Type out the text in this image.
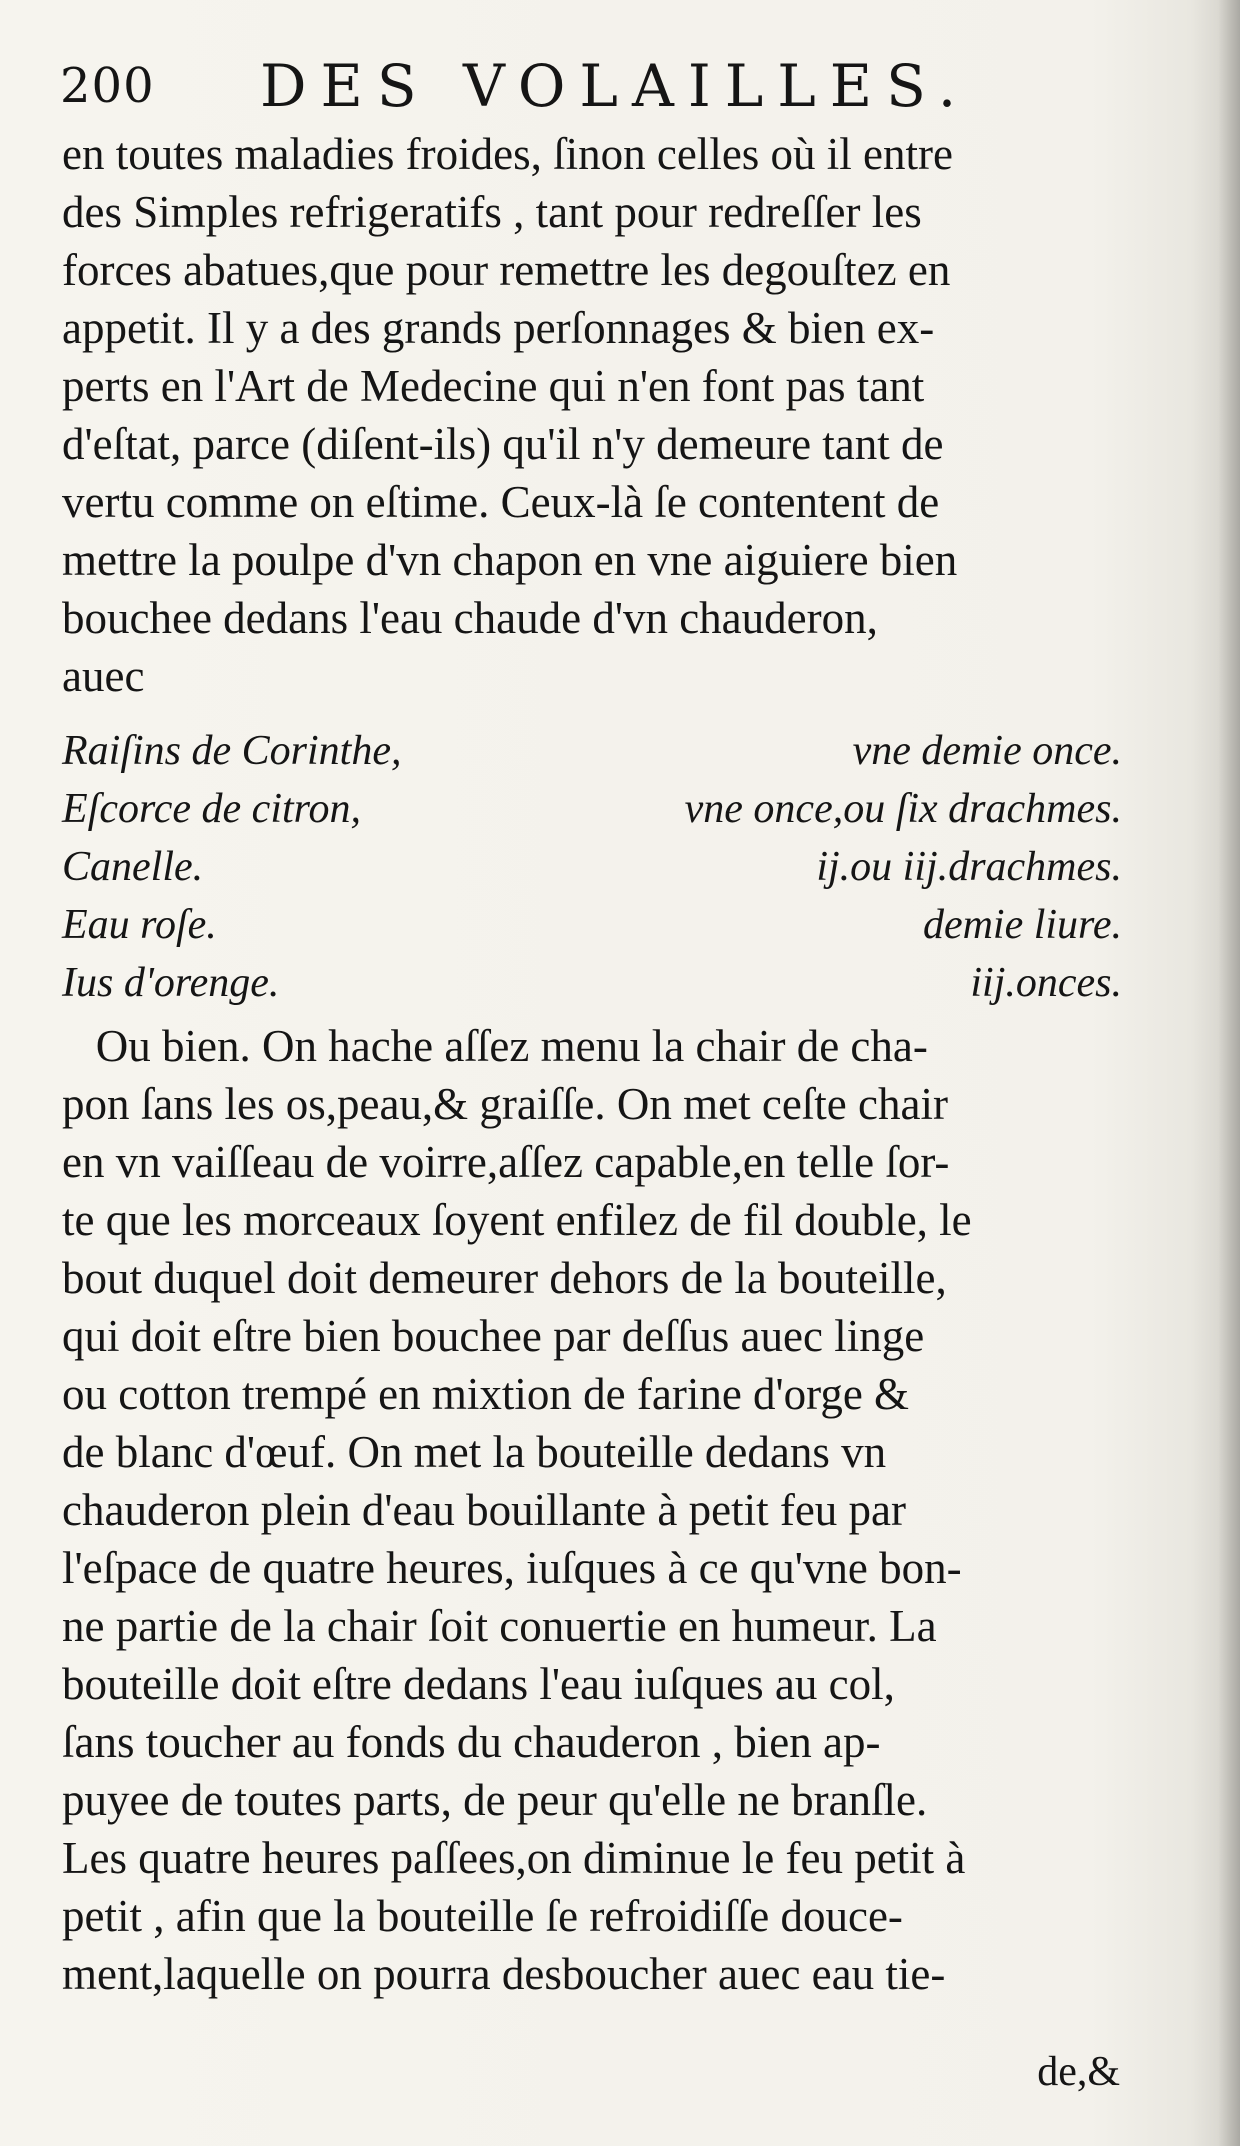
200 DES VOLAILLES.
en toutes maladies froides, ſinon celles où il entre
des Simples refrigeratifs , tant pour redreſſer les
forces abatues,que pour remettre les degouſtez en
appetit. Il y a des grands perſonnages & bien ex-
perts en l'Art de Medecine qui n'en font pas tant
d'eſtat, parce (diſent-ils) qu'il n'y demeure tant de
vertu comme on eſtime. Ceux-là ſe contentent de
mettre la poulpe d'vn chapon en vne aiguiere bien
bouchee dedans l'eau chaude d'vn chauderon,
auec
Raiſins de Corinthe,	vne demie once.
Eſcorce de citron,	vne once,ou ſix drachmes.
Canelle.	ij.ou iij.drachmes.
Eau roſe.	demie liure.
Ius d'orenge.	iij.onces.
Ou bien. On hache aſſez menu la chair de cha-
pon ſans les os,peau,& graiſſe. On met ceſte chair
en vn vaiſſeau de voirre,aſſez capable,en telle ſor-
te que les morceaux ſoyent enfilez de fil double, le
bout duquel doit demeurer dehors de la bouteille,
qui doit eſtre bien bouchee par deſſus auec linge
ou cotton trempé en mixtion de farine d'orge &
de blanc d'œuf. On met la bouteille dedans vn
chauderon plein d'eau bouillante à petit feu par
l'eſpace de quatre heures, iuſques à ce qu'vne bon-
ne partie de la chair ſoit conuertie en humeur. La
bouteille doit eſtre dedans l'eau iuſques au col,
ſans toucher au fonds du chauderon , bien ap-
puyee de toutes parts, de peur qu'elle ne branſle.
Les quatre heures paſſees,on diminue le feu petit à
petit , afin que la bouteille ſe refroidiſſe douce-
ment,laquelle on pourra desboucher auec eau tie-
de,&
